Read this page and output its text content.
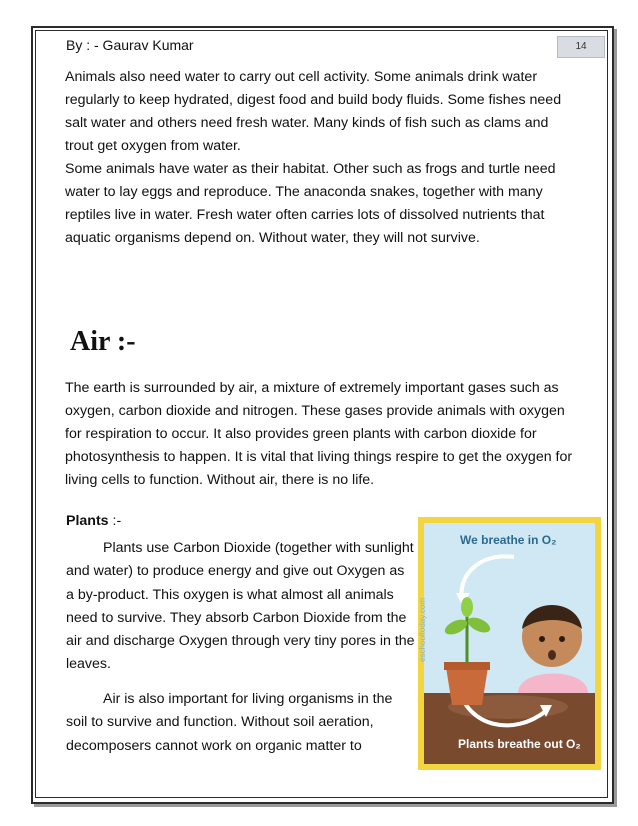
By : - Gaurav Kumar	14
Animals also need water to carry out cell activity. Some animals drink water regularly to keep hydrated, digest food and build body fluids. Some fishes need salt water and others need fresh water. Many kinds of fish such as clams and trout get oxygen from water.
Some animals have water as their habitat. Other such as frogs and turtle need water to lay eggs and reproduce. The anaconda snakes, together with many reptiles live in water. Fresh water often carries lots of dissolved nutrients that aquatic organisms depend on. Without water, they will not survive.
Air :-

The earth is surrounded by air, a mixture of extremely important gases such as oxygen, carbon dioxide and nitrogen. These gases provide animals with oxygen for respiration to occur. It also provides green plants with carbon dioxide for photosynthesis to happen. It is vital that living things respire to get the oxygen for living cells to function. Without air, there is no life.

Plants :-

Plants use Carbon Dioxide (together with sunlight and water) to produce energy and give out Oxygen as a by-product. This oxygen is what almost all animals need to survive. They absorb Carbon Dioxide from the air and discharge Oxygen through very tiny pores in the leaves.

Air is also important for living organisms in the soil to survive and function. Without soil aeration, decomposers cannot work on organic matter to

We breathe in O₂
Plants breathe out O₂
eschooltoday.com
